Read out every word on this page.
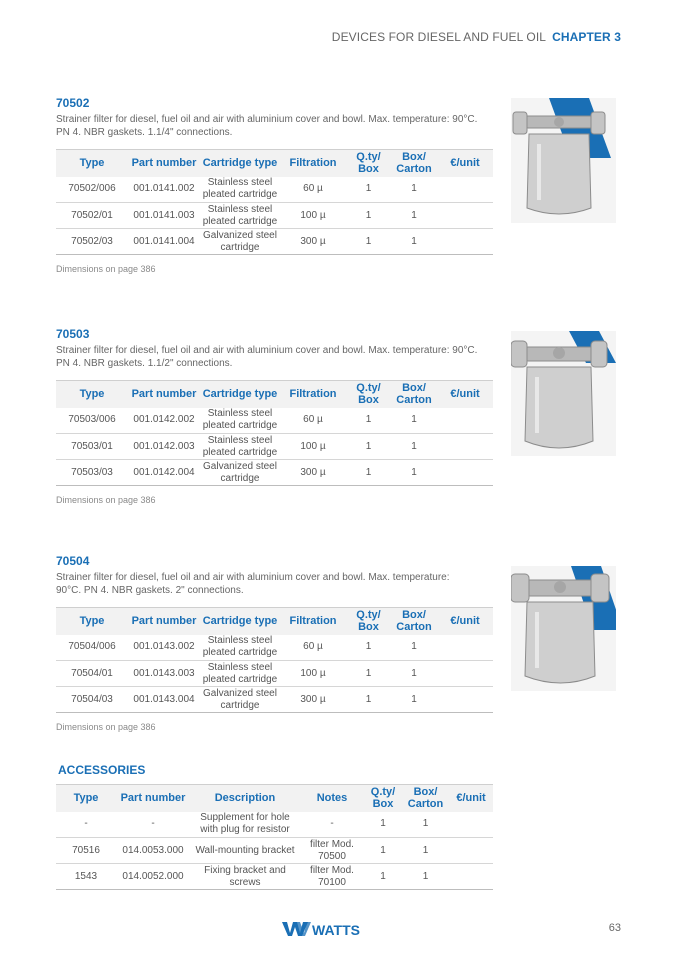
DEVICES FOR DIESEL AND FUEL OIL CHAPTER 3
70502
Strainer filter for diesel, fuel oil and air with aluminium cover and bowl. Max. temperature: 90°C. PN 4. NBR gaskets. 1.1/4" connections.
Type	Part number	Cartridge type	Filtration	Q.ty/ Box	Box/ Carton	€/unit
70502/006	001.0141.002	Stainless steel pleated cartridge	60 µ	1	1	
70502/01	001.0141.003	Stainless steel pleated cartridge	100 µ	1	1	
70502/03	001.0141.004	Galvanized steel cartridge	300 µ	1	1	
Dimensions on page 386
70503
Strainer filter for diesel, fuel oil and air with aluminium cover and bowl. Max. temperature: 90°C. PN 4. NBR gaskets. 1.1/2" connections.
Type	Part number	Cartridge type	Filtration	Q.ty/ Box	Box/ Carton	€/unit
70503/006	001.0142.002	Stainless steel pleated cartridge	60 µ	1	1	
70503/01	001.0142.003	Stainless steel pleated cartridge	100 µ	1	1	
70503/03	001.0142.004	Galvanized steel cartridge	300 µ	1	1	
Dimensions on page 386
70504
Strainer filter for diesel, fuel oil and air with aluminium cover and bowl. Max. temperature: 90°C. PN 4. NBR gaskets. 2" connections.
Type	Part number	Cartridge type	Filtration	Q.ty/ Box	Box/ Carton	€/unit
70504/006	001.0143.002	Stainless steel pleated cartridge	60 µ	1	1	
70504/01	001.0143.003	Stainless steel pleated cartridge	100 µ	1	1	
70504/03	001.0143.004	Galvanized steel cartridge	300 µ	1	1	
Dimensions on page 386
ACCESSORIES
Type	Part number	Description	Notes	Q.ty/ Box	Box/ Carton	€/unit
-	-	Supplement for hole with plug for resistor	-	1	1	
70516	014.0053.000	Wall-mounting bracket	filter Mod. 70500	1	1	
1543	014.0052.000	Fixing bracket and screws	filter Mod. 70100	1	1	
WATTS	63
